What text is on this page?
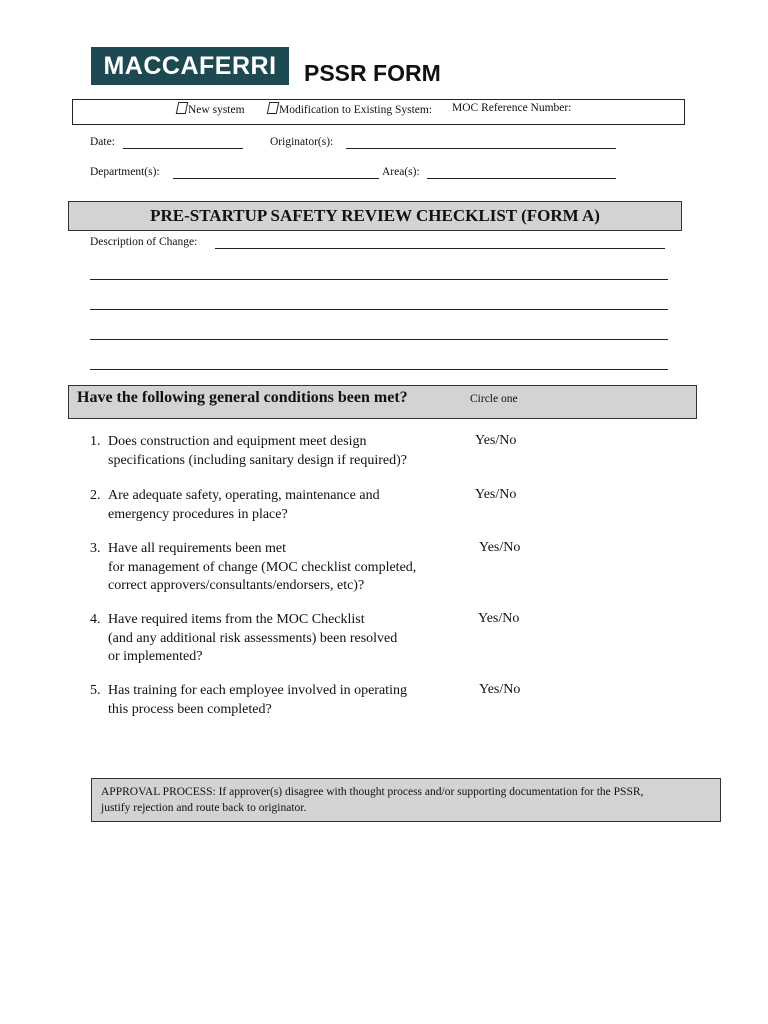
MACCAFERRI PSSR FORM
New system	Modification to Existing System: MOC Reference Number:
Date:	Originator(s):
Department(s):	Area(s):
PRE-STARTUP SAFETY REVIEW CHECKLIST (FORM A)
Description of Change:
Have the following general conditions been met?	Circle one
1. Does construction and equipment meet design
specifications (including sanitary design if required)?
Yes/No
2. Are adequate safety, operating, maintenance and
emergency procedures in place?
Yes/No
3. Have all requirements been met
for management of change (MOC checklist completed,
correct approvers/consultants/endorsers, etc)?
Yes/No
4. Have required items from the MOC Checklist
(and any additional risk assessments) been resolved
or implemented?
Yes/No
5. Has training for each employee involved in operating
this process been completed?
Yes/No
APPROVAL PROCESS: If approver(s) disagree with thought process and/or supporting documentation for the PSSR,
justify rejection and route back to originator.
